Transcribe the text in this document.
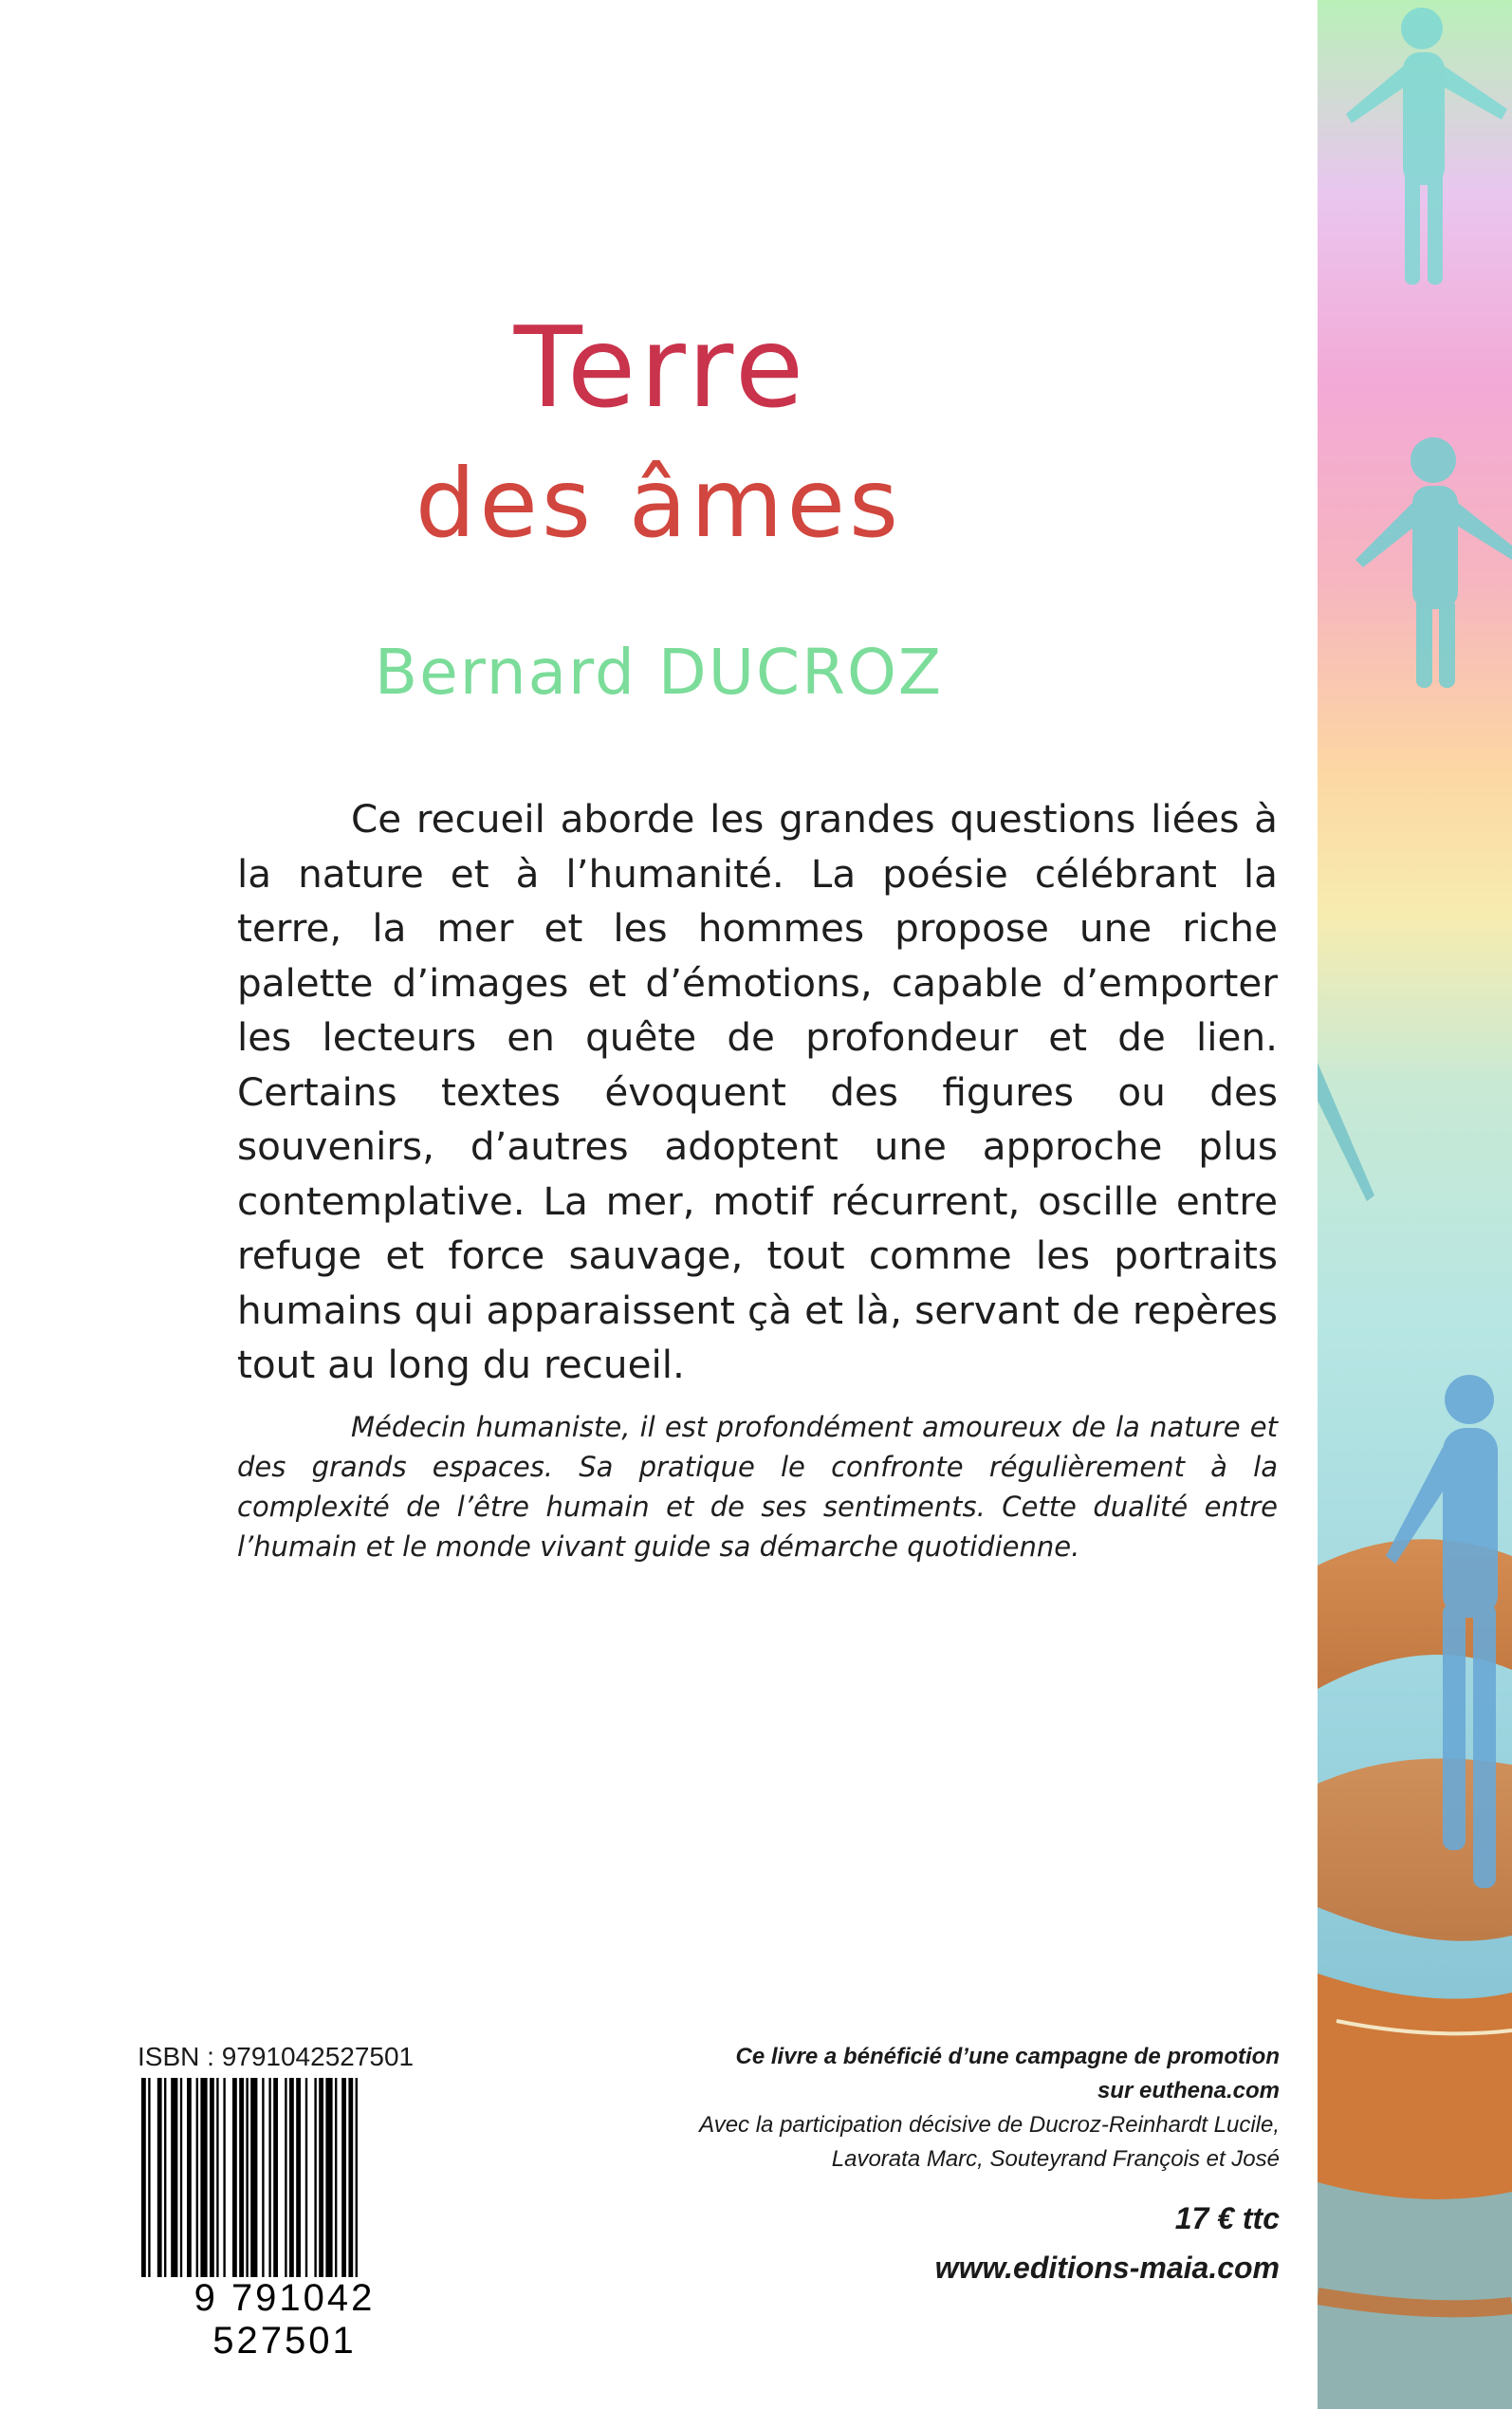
Terre
des âmes
Bernard DUCROZ

Ce recueil aborde les grandes questions liées à la nature et à l’humanité. La poésie célébrant la terre, la mer et les hommes propose une riche palette d’images et d’émotions, capable d’emporter les lecteurs en quête de profondeur et de lien. Certains textes évoquent des figures ou des souvenirs, d’autres adoptent une approche plus contemplative. La mer, motif récurrent, oscille entre refuge et force sauvage, tout comme les portraits humains qui apparaissent çà et là, servant de repères tout au long du recueil.

Médecin humaniste, il est profondément amoureux de la nature et des grands espaces. Sa pratique le confronte régulièrement à la complexité de l’être humain et de ses sentiments. Cette dualité entre l’humain et le monde vivant guide sa démarche quotidienne.

ISBN : 9791042527501
9 791042 527501
Ce livre a bénéficié d’une campagne de promotion
sur euthena.com
Avec la participation décisive de Ducroz-Reinhardt Lucile,
Lavorata Marc, Souteyrand François et José
17 € ttc
www.editions-maia.com
